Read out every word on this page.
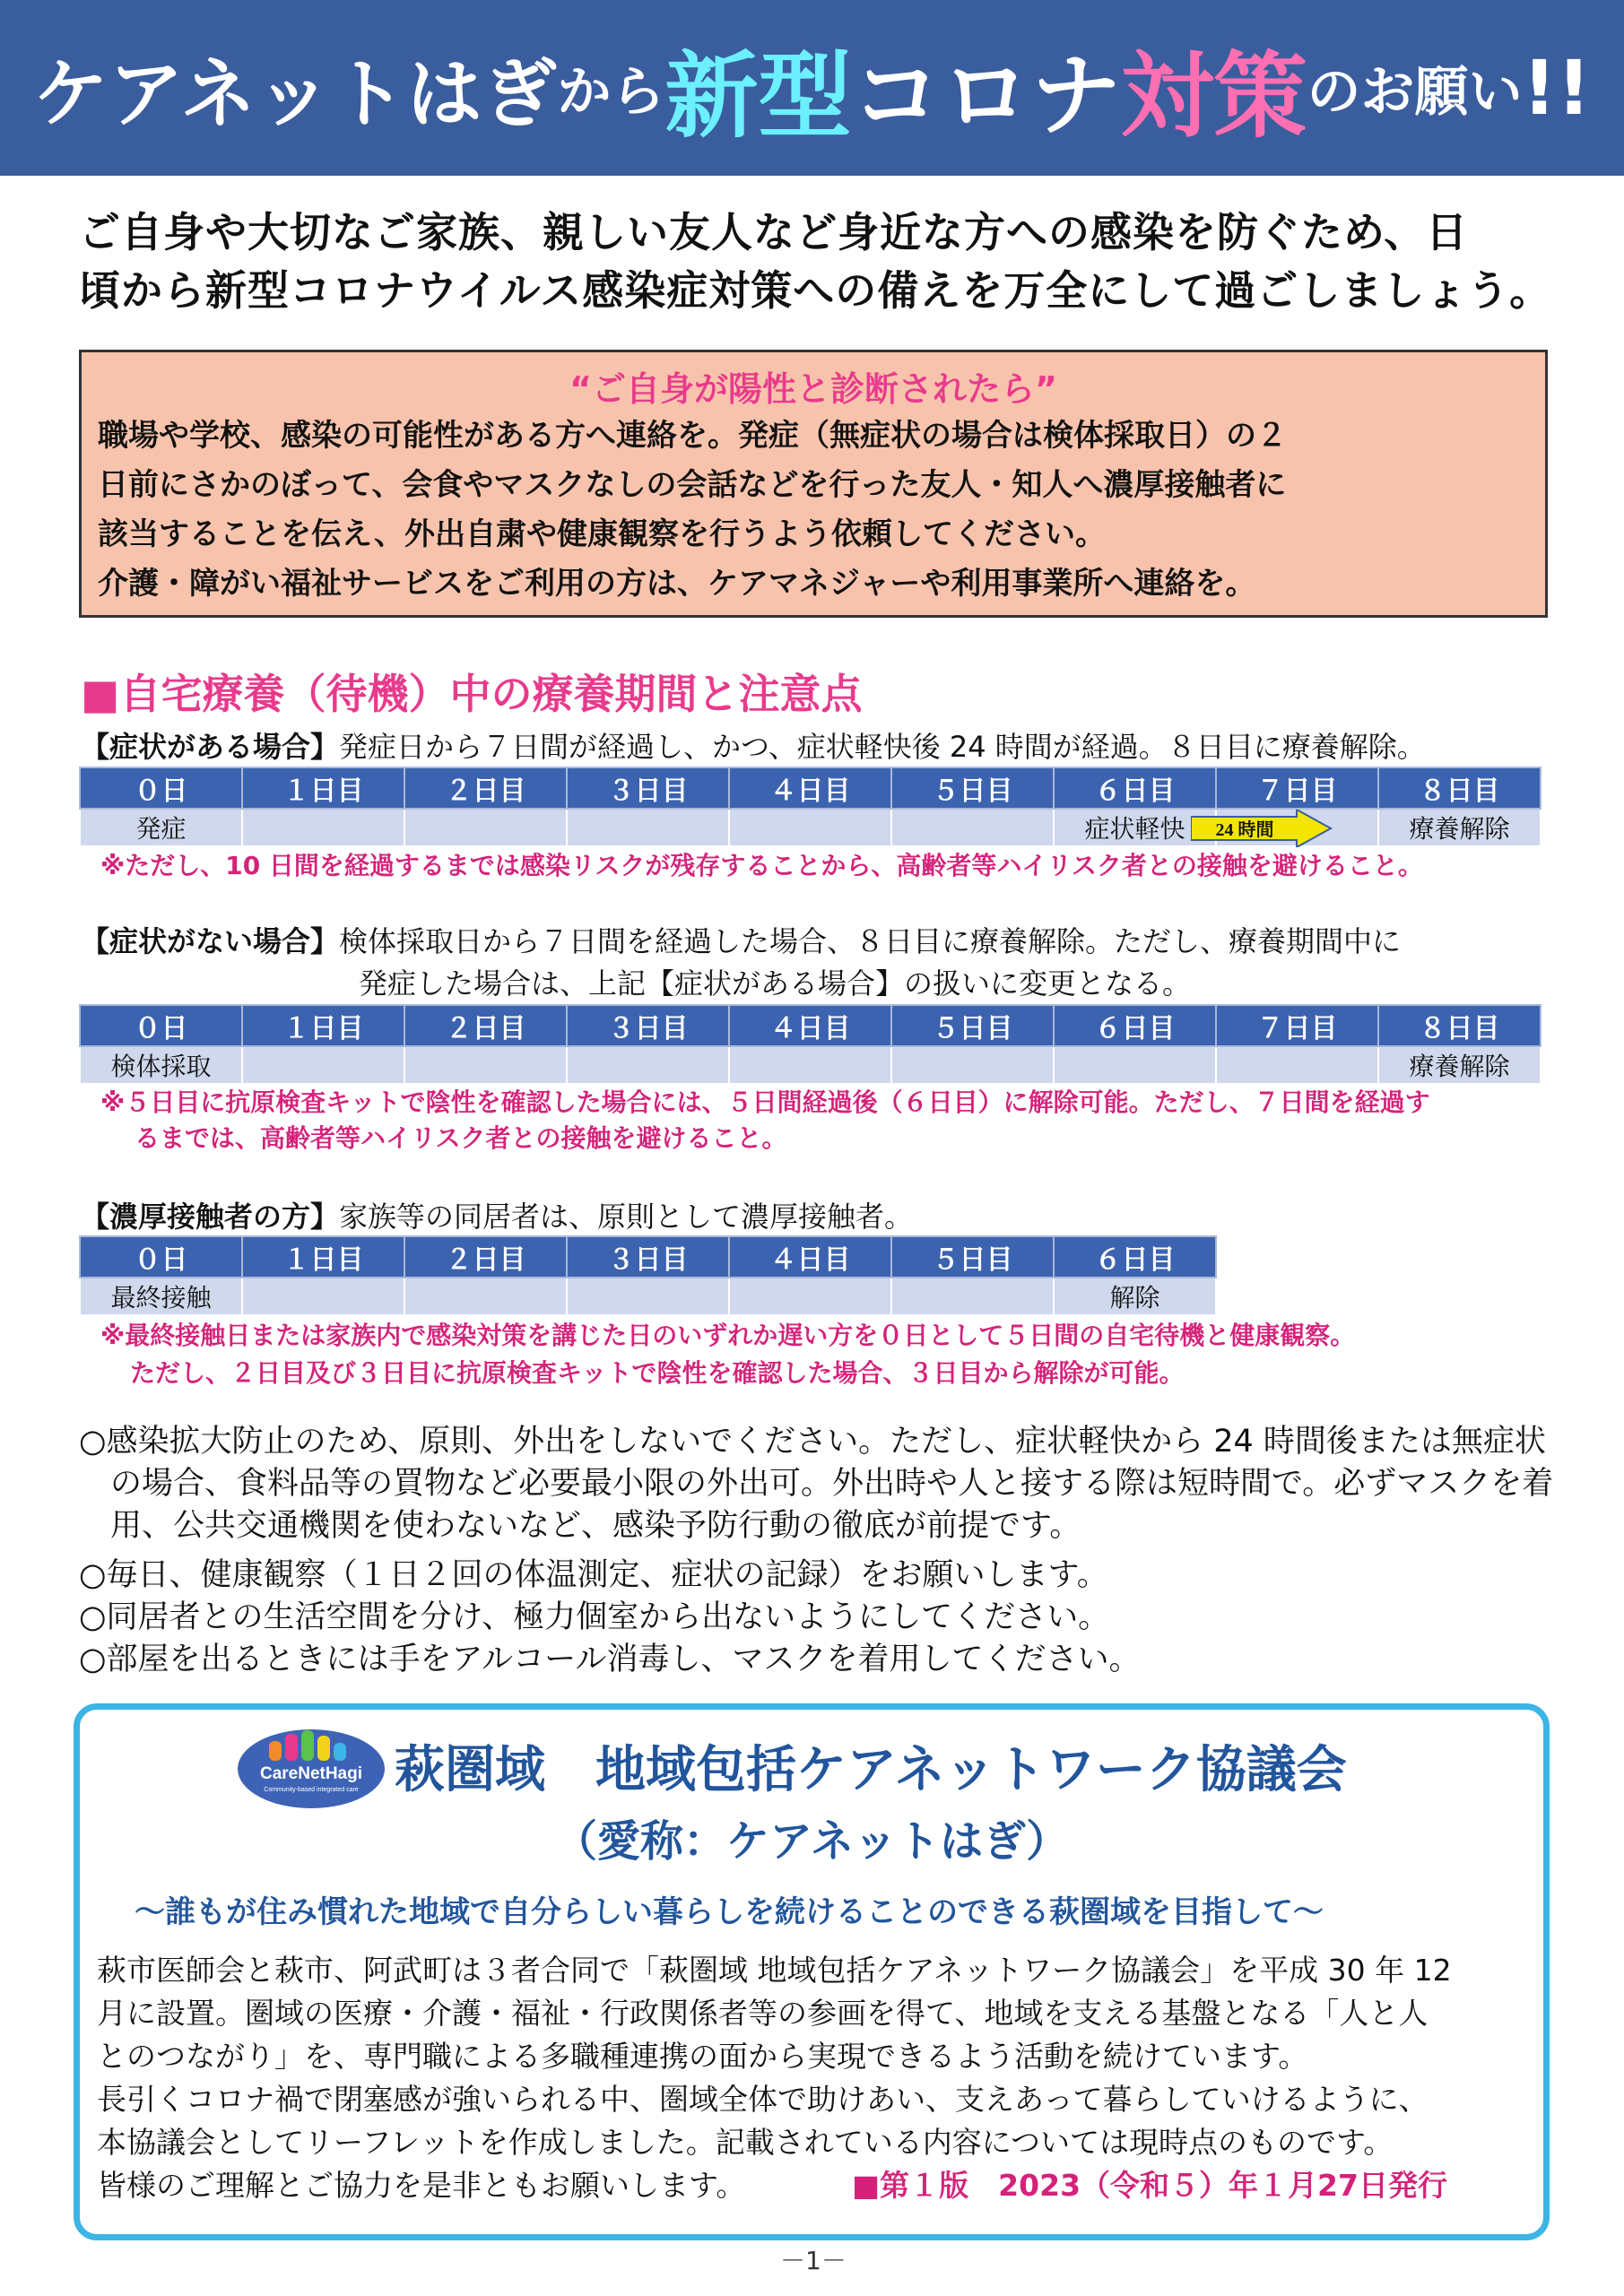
ケアネットはぎ から 新型 コロナ 対策 のお願い !!
ご自身や大切なご家族、親しい友人など身近な方への感染を防ぐため、日
頃から新型コロナウイルス感染症対策への備えを万全にして過ごしましょう。
“ご自身が陽性と診断されたら”
職場や学校、感染の可能性がある方へ連絡を。発症（無症状の場合は検体採取日）の２
日前にさかのぼって、会食やマスクなしの会話などを行った友人・知人へ濃厚接触者に
該当することを伝え、外出自粛や健康観察を行うよう依頼してください。
介護・障がい福祉サービスをご利用の方は、ケアマネジャーや利用事業所へ連絡を。
■自宅療養（待機）中の療養期間と注意点
【症状がある場合】発症日から７日間が経過し、かつ、症状軽快後 24 時間が経過。８日目に療養解除。
０日	１日目	２日目	３日目	４日目	５日目	６日目	７日目	８日目
発症						症状軽快		療養解除
24 時間
※ただし、10 日間を経過するまでは感染リスクが残存することから、高齢者等ハイリスク者との接触を避けること。
【症状がない場合】検体採取日から７日間を経過した場合、８日目に療養解除。ただし、療養期間中に
発症した場合は、上記【症状がある場合】の扱いに変更となる。
０日	１日目	２日目	３日目	４日目	５日目	６日目	７日目	８日目
検体採取								療養解除
※５日目に抗原検査キットで陰性を確認した場合には、５日間経過後（６日目）に解除可能。ただし、７日間を経過す
るまでは、高齢者等ハイリスク者との接触を避けること。
【濃厚接触者の方】家族等の同居者は、原則として濃厚接触者。
０日	１日目	２日目	３日目	４日目	５日目	６日目
最終接触						解除
※最終接触日または家族内で感染対策を講じた日のいずれか遅い方を０日として５日間の自宅待機と健康観察。
ただし、２日目及び３日目に抗原検査キットで陰性を確認した場合、３日目から解除が可能。
○感染拡大防止のため、原則、外出をしないでください。ただし、症状軽快から 24 時間後または無症状
　の場合、食料品等の買物など必要最小限の外出可。外出時や人と接する際は短時間で。必ずマスクを着
　用、公共交通機関を使わないなど、感染予防行動の徹底が前提です。
○毎日、健康観察（１日２回の体温測定、症状の記録）をお願いします。
○同居者との生活空間を分け、極力個室から出ないようにしてください。
○部屋を出るときには手をアルコール消毒し、マスクを着用してください。
CareNetHagi
Community-based integrated care 萩圏域　地域包括ケアネットワーク協議会
（愛称：ケアネットはぎ）
～誰もが住み慣れた地域で自分らしい暮らしを続けることのできる萩圏域を目指して～
萩市医師会と萩市、阿武町は３者合同で「萩圏域 地域包括ケアネットワーク協議会」を平成 30 年 12
月に設置。圏域の医療・介護・福祉・行政関係者等の参画を得て、地域を支える基盤となる「人と人
とのつながり」を、専門職による多職種連携の面から実現できるよう活動を続けています。
長引くコロナ禍で閉塞感が強いられる中、圏域全体で助けあい、支えあって暮らしていけるように、
本協議会としてリーフレットを作成しました。記載されている内容については現時点のものです。
皆様のご理解とご協力を是非ともお願いします。	■第１版　2023（令和５）年１月27日発行
－1－
